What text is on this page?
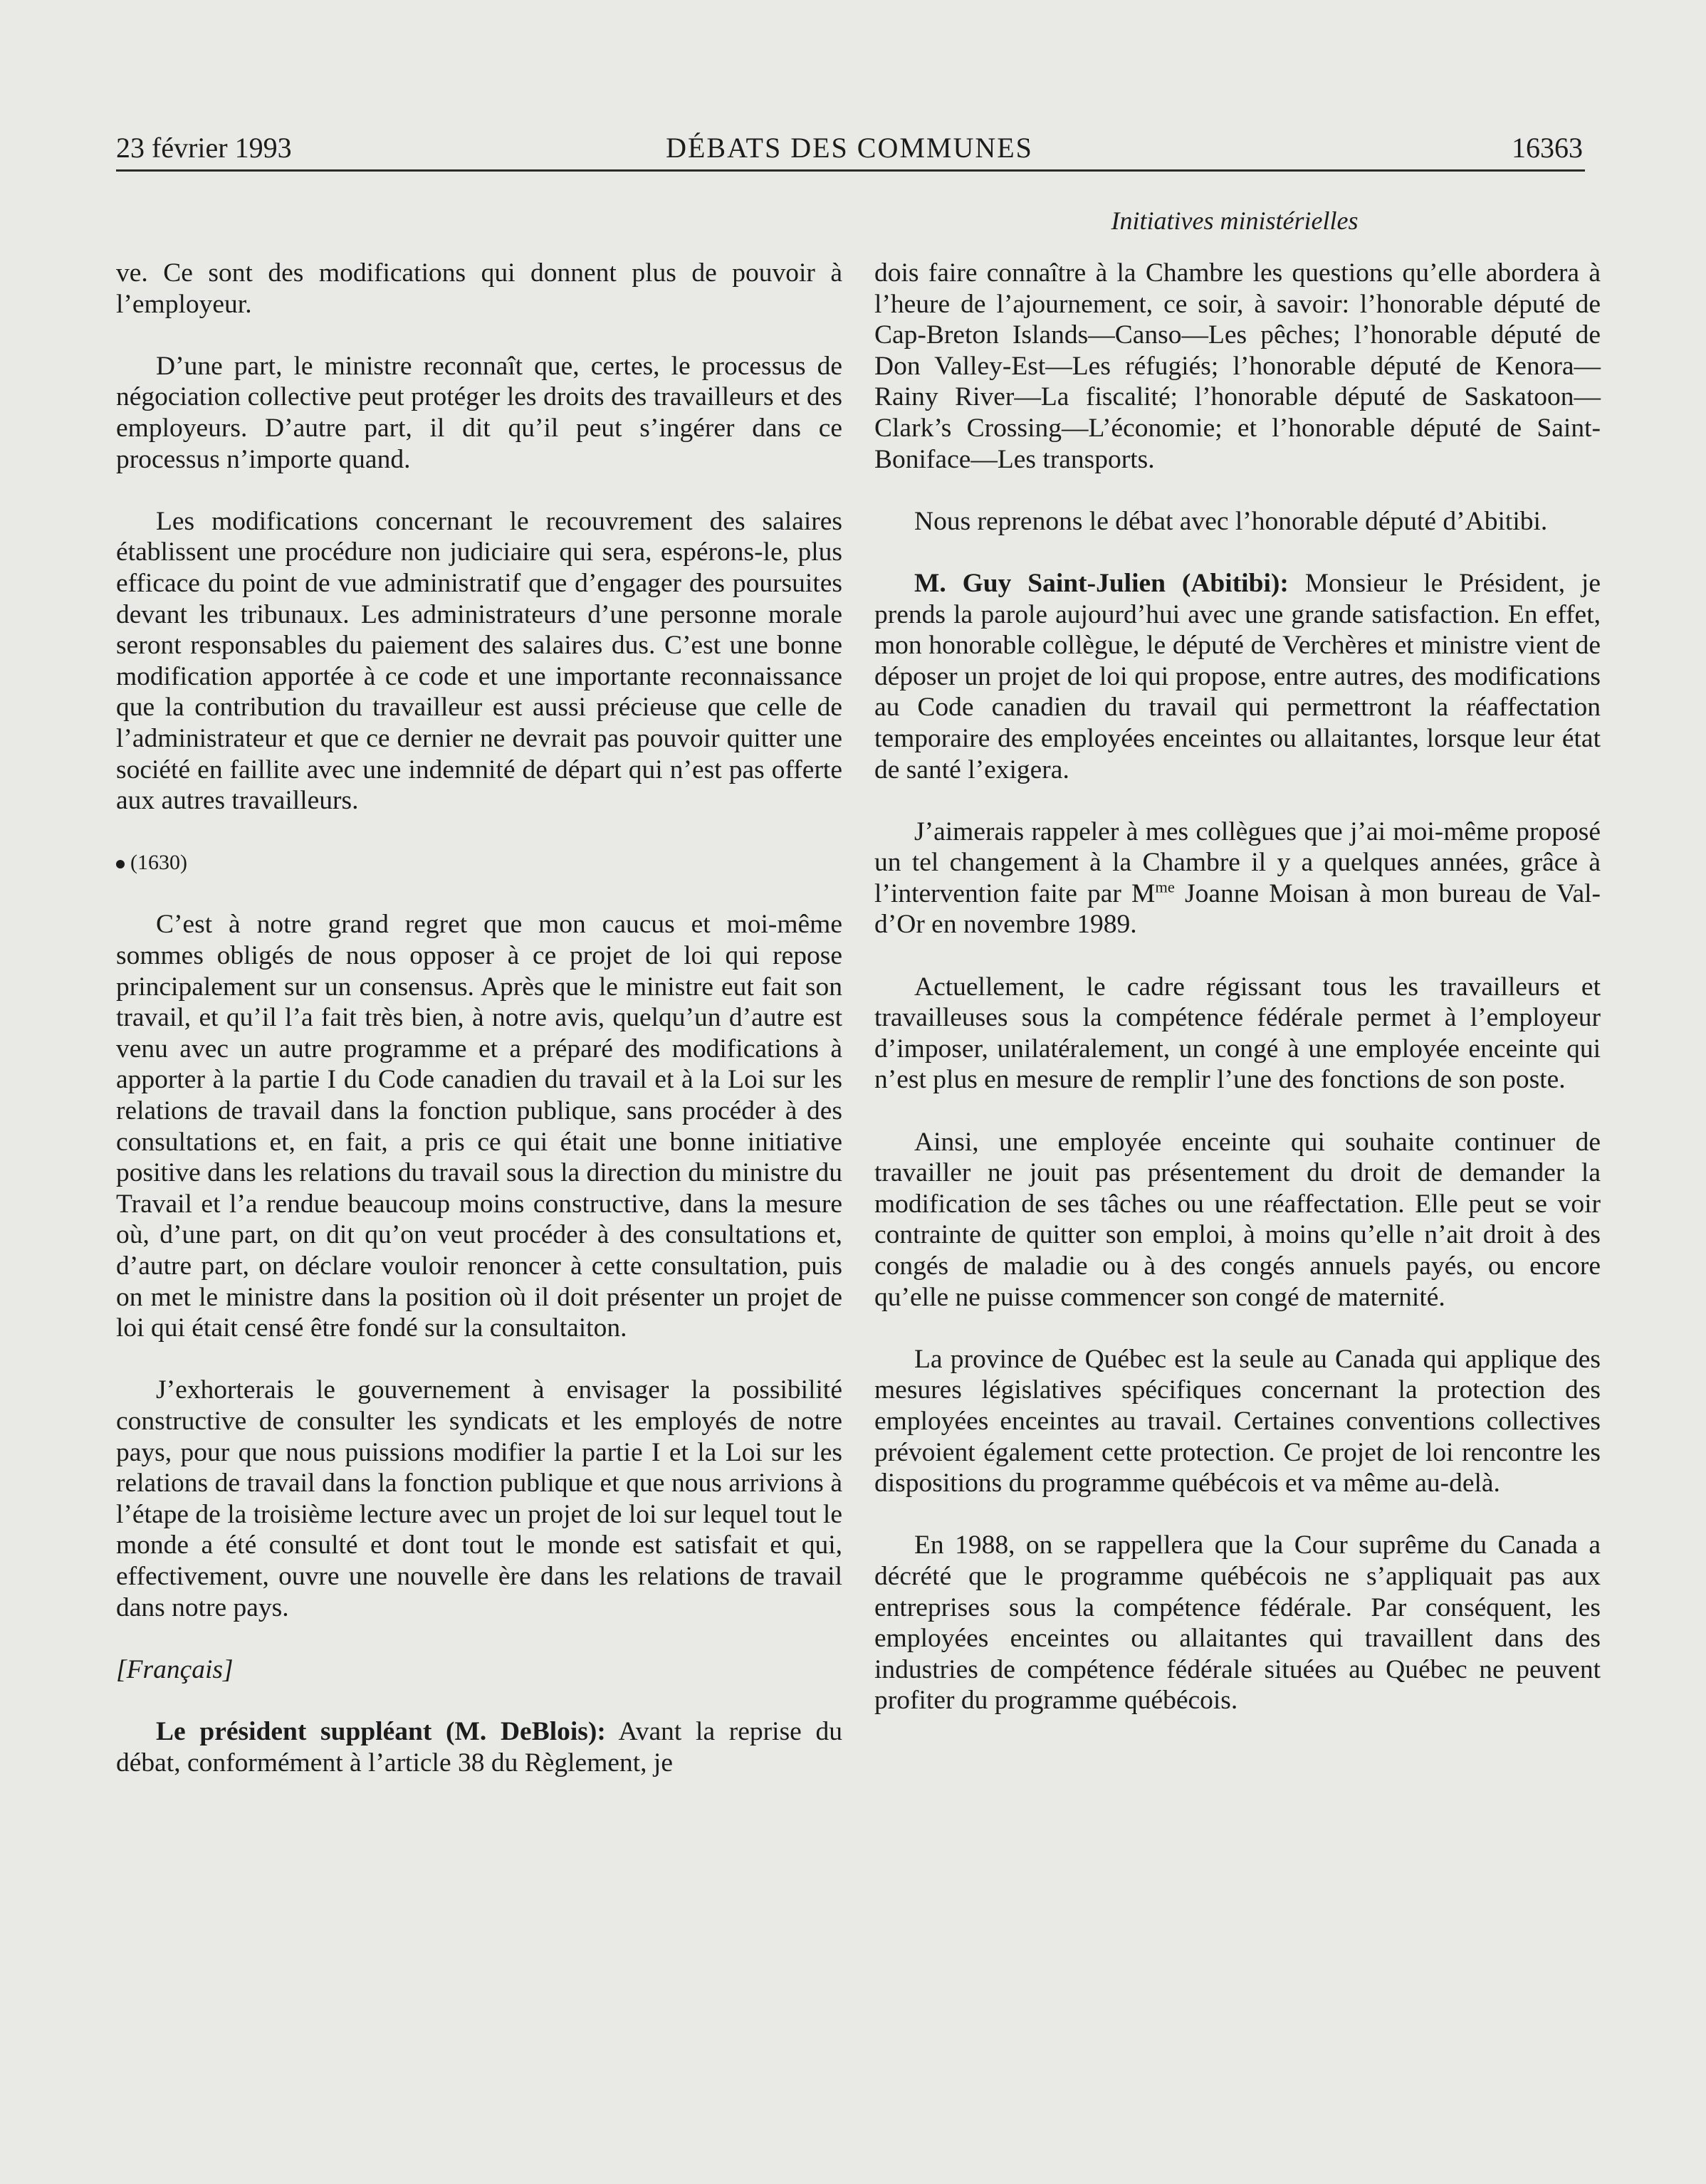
23 février 1993	DÉBATS DES COMMUNES	16363
Initiatives ministérielles

ve. Ce sont des modifications qui donnent plus de pouvoir à l’employeur.

D’une part, le ministre reconnaît que, certes, le processus de négociation collective peut protéger les droits des travailleurs et des employeurs. D’autre part, il dit qu’il peut s’ingérer dans ce processus n’importe quand.

Les modifications concernant le recouvrement des salaires établissent une procédure non judiciaire qui sera, espérons-le, plus efficace du point de vue administratif que d’engager des poursuites devant les tribunaux. Les administrateurs d’une personne morale seront responsables du paiement des salaires dus. C’est une bonne modification apportée à ce code et une importante reconnaissance que la contribution du travailleur est aussi précieuse que celle de l’administrateur et que ce dernier ne devrait pas pouvoir quitter une société en faillite avec une indemnité de départ qui n’est pas offerte aux autres travailleurs.

(1630)

C’est à notre grand regret que mon caucus et moi-même sommes obligés de nous opposer à ce projet de loi qui repose principalement sur un consensus. Après que le ministre eut fait son travail, et qu’il l’a fait très bien, à notre avis, quelqu’un d’autre est venu avec un autre programme et a préparé des modifications à apporter à la partie I du Code canadien du travail et à la Loi sur les relations de travail dans la fonction publique, sans procéder à des consultations et, en fait, a pris ce qui était une bonne initiative positive dans les relations du travail sous la direction du ministre du Travail et l’a rendue beaucoup moins constructive, dans la mesure où, d’une part, on dit qu’on veut procéder à des consultations et, d’autre part, on déclare vouloir renoncer à cette consultation, puis on met le ministre dans la position où il doit présenter un projet de loi qui était censé être fondé sur la consultaiton.

J’exhorterais le gouvernement à envisager la possibilité constructive de consulter les syndicats et les employés de notre pays, pour que nous puissions modifier la partie I et la Loi sur les relations de travail dans la fonction publique et que nous arrivions à l’étape de la troisième lecture avec un projet de loi sur lequel tout le monde a été consulté et dont tout le monde est satisfait et qui, effectivement, ouvre une nouvelle ère dans les relations de travail dans notre pays.

[Français]

Le président suppléant (M. DeBlois): Avant la reprise du débat, conformément à l’article 38 du Règlement, je

dois faire connaître à la Chambre les questions qu’elle abordera à l’heure de l’ajournement, ce soir, à savoir: l’honorable député de Cap-Breton Islands—Canso—Les pêches; l’honorable député de Don Valley-Est—Les réfugiés; l’honorable député de Kenora—Rainy River—La fiscalité; l’honorable député de Saskatoon—Clark’s Crossing—L’économie; et l’honorable député de Saint-Boniface—Les transports.

Nous reprenons le débat avec l’honorable député d’Abitibi.

M. Guy Saint-Julien (Abitibi): Monsieur le Président, je prends la parole aujourd’hui avec une grande satisfaction. En effet, mon honorable collègue, le député de Verchères et ministre vient de déposer un projet de loi qui propose, entre autres, des modifications au Code canadien du travail qui permettront la réaffectation temporaire des employées enceintes ou allaitantes, lorsque leur état de santé l’exigera.

J’aimerais rappeler à mes collègues que j’ai moi-même proposé un tel changement à la Chambre il y a quelques années, grâce à l’intervention faite par $M^{me}$ Joanne Moisan à mon bureau de Val-d’Or en novembre 1989.

Actuellement, le cadre régissant tous les travailleurs et travailleuses sous la compétence fédérale permet à l’employeur d’imposer, unilatéralement, un congé à une employée enceinte qui n’est plus en mesure de remplir l’une des fonctions de son poste.

Ainsi, une employée enceinte qui souhaite continuer de travailler ne jouit pas présentement du droit de demander la modification de ses tâches ou une réaffectation. Elle peut se voir contrainte de quitter son emploi, à moins qu’elle n’ait droit à des congés de maladie ou à des congés annuels payés, ou encore qu’elle ne puisse commencer son congé de maternité.

La province de Québec est la seule au Canada qui applique des mesures législatives spécifiques concernant la protection des employées enceintes au travail. Certaines conventions collectives prévoient également cette protection. Ce projet de loi rencontre les dispositions du programme québécois et va même au-delà.

En 1988, on se rappellera que la Cour suprême du Canada a décrété que le programme québécois ne s’appliquait pas aux entreprises sous la compétence fédérale. Par conséquent, les employées enceintes ou allaitantes qui travaillent dans des industries de compétence fédérale situées au Québec ne peuvent profiter du programme québécois.
